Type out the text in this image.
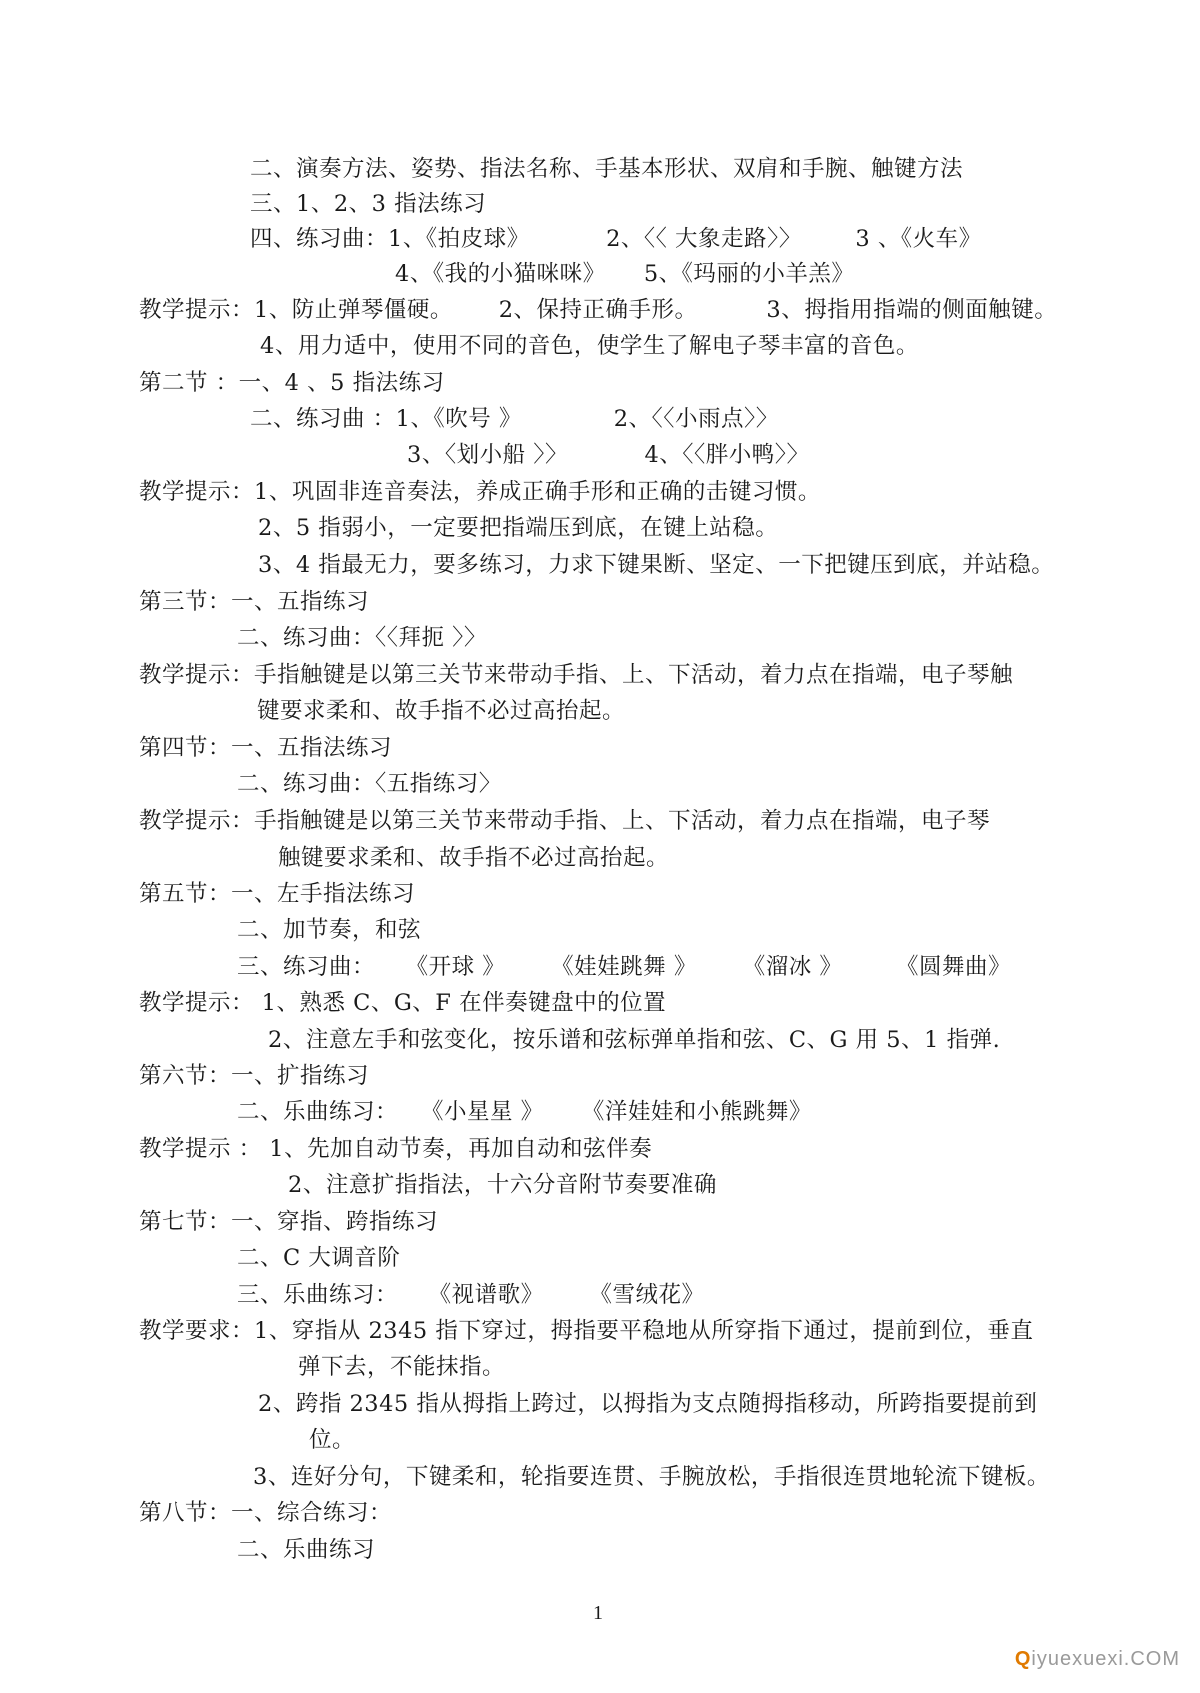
二、演奏方法、姿势、指法名称、手基本形状、双肩和手腕、触键方法
三、1、2、3 指法练习
四、练习曲：1、《拍皮球》          2、〈〈 大象走路〉〉       3 、《火车》
4、《我的小猫咪咪》     5、《玛丽的小羊羔》
教学提示：1、防止弹琴僵硬。      2、保持正确手形。         3、拇指用指端的侧面触键。
4、用力适中，使用不同的音色，使学生了解电子琴丰富的音色。
第二节 ：一、4 、5 指法练习
二、练习曲 ：1、《吹号 》            2、〈〈小雨点〉〉
3、〈划小船 〉〉          4、〈〈胖小鸭〉〉
教学提示：1、巩固非连音奏法，养成正确手形和正确的击键习惯。
2、5 指弱小，一定要把指端压到底，在键上站稳。
3、4 指最无力，要多练习，力求下键果断、坚定、一下把键压到底，并站稳。
第三节：一、五指练习
二、练习曲：〈〈拜扼 〉〉
教学提示：手指触键是以第三关节来带动手指、上、下活动，着力点在指端，电子琴触
键要求柔和、故手指不必过高抬起。
第四节：一、五指法练习
二、练习曲：〈五指练习〉
教学提示：手指触键是以第三关节来带动手指、上、下活动，着力点在指端，电子琴
触键要求柔和、故手指不必过高抬起。
第五节：一、左手指法练习
二、加节奏，和弦
三、练习曲：    《开球 》      《娃娃跳舞 》      《溜冰 》       《圆舞曲》
教学提示： 1、熟悉 C、G、F 在伴奏键盘中的位置
2、注意左手和弦变化，按乐谱和弦标弹单指和弦、C、G 用 5、1 指弹.
第六节：一、扩指练习
二、乐曲练习：   《小星星 》     《洋娃娃和小熊跳舞》
教学提示 ： 1、先加自动节奏，再加自动和弦伴奏
2、注意扩指指法，十六分音附节奏要准确
第七节：一、穿指、跨指练习
二、C 大调音阶
三、乐曲练习：    《视谱歌》      《雪绒花》
教学要求：1、穿指从 2345 指下穿过，拇指要平稳地从所穿指下通过，提前到位，垂直
弹下去，不能抹指。
2、跨指 2345 指从拇指上跨过，以拇指为支点随拇指移动，所跨指要提前到
位。
3、连好分句，下键柔和，轮指要连贯、手腕放松，手指很连贯地轮流下键板。
第八节：一、综合练习：
二、乐曲练习
1
Qiyuexuexi.COM
